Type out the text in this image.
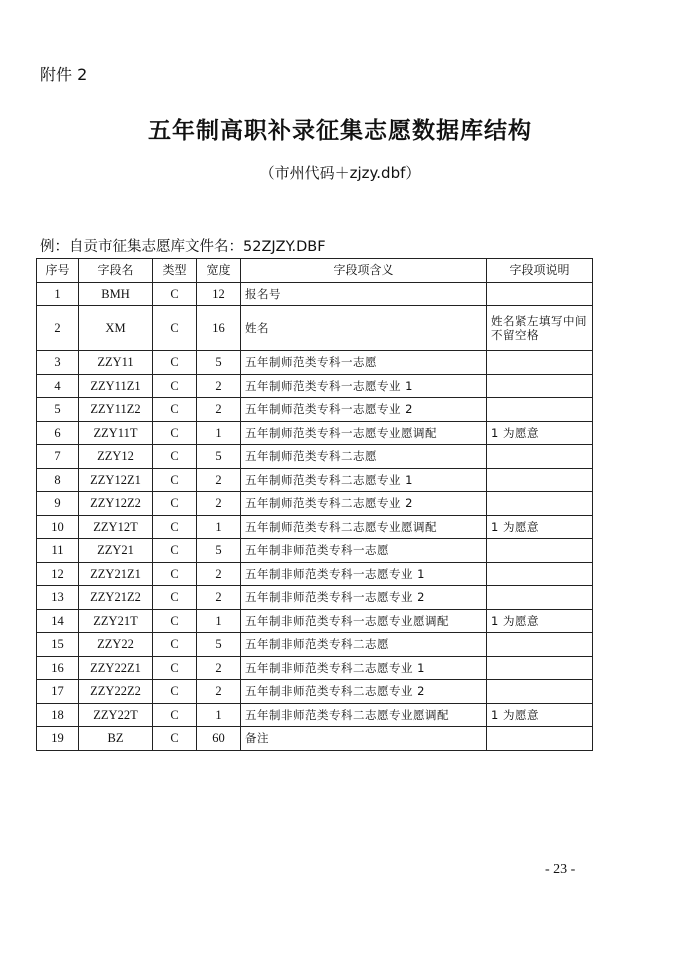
附件 2
五年制高职补录征集志愿数据库结构
（市州代码＋zjzy.dbf）
例：自贡市征集志愿库文件名：52ZJZY.DBF
序号	字段名	类型	宽度	字段项含义	字段项说明
1	BMH	C	12	报名号	
2	XM	C	16	姓名	姓名紧左填写中间不留空格
3	ZZY11	C	5	五年制师范类专科一志愿	
4	ZZY11Z1	C	2	五年制师范类专科一志愿专业 1	
5	ZZY11Z2	C	2	五年制师范类专科一志愿专业 2	
6	ZZY11T	C	1	五年制师范类专科一志愿专业愿调配	1 为愿意
7	ZZY12	C	5	五年制师范类专科二志愿	
8	ZZY12Z1	C	2	五年制师范类专科二志愿专业 1	
9	ZZY12Z2	C	2	五年制师范类专科二志愿专业 2	
10	ZZY12T	C	1	五年制师范类专科二志愿专业愿调配	1 为愿意
11	ZZY21	C	5	五年制非师范类专科一志愿	
12	ZZY21Z1	C	2	五年制非师范类专科一志愿专业 1	
13	ZZY21Z2	C	2	五年制非师范类专科一志愿专业 2	
14	ZZY21T	C	1	五年制非师范类专科一志愿专业愿调配	1 为愿意
15	ZZY22	C	5	五年制非师范类专科二志愿	
16	ZZY22Z1	C	2	五年制非师范类专科二志愿专业 1	
17	ZZY22Z2	C	2	五年制非师范类专科二志愿专业 2	
18	ZZY22T	C	1	五年制非师范类专科二志愿专业愿调配	1 为愿意
19	BZ	C	60	备注	
- 23 -
